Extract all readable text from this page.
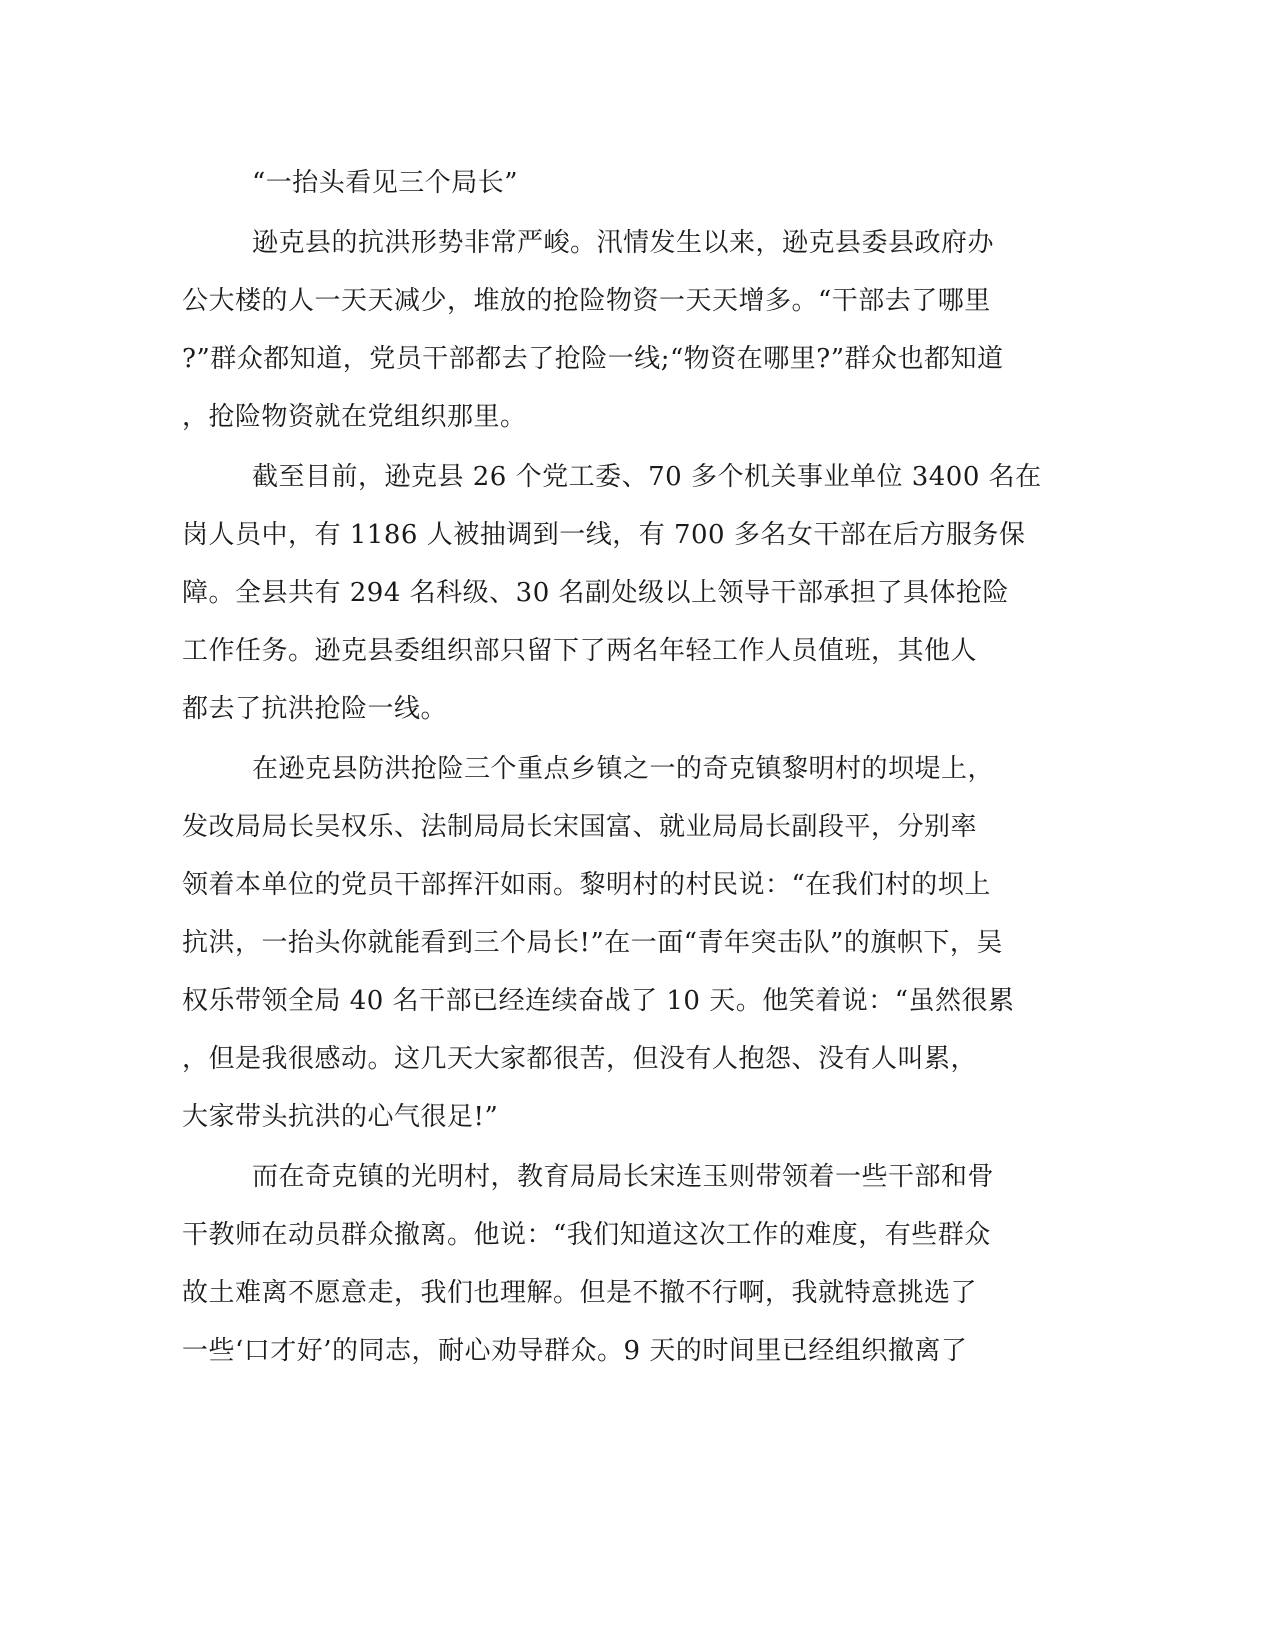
“一抬头看见三个局长”
逊克县的抗洪形势非常严峻。汛情发生以来，逊克县委县政府办
公大楼的人一天天减少，堆放的抢险物资一天天增多。“干部去了哪里
?”群众都知道，党员干部都去了抢险一线;“物资在哪里?”群众也都知道
，抢险物资就在党组织那里。
截至目前，逊克县 26 个党工委、70 多个机关事业单位 3400 名在
岗人员中，有 1186 人被抽调到一线，有 700 多名女干部在后方服务保
障。全县共有 294 名科级、30 名副处级以上领导干部承担了具体抢险
工作任务。逊克县委组织部只留下了两名年轻工作人员值班，其他人
都去了抗洪抢险一线。
在逊克县防洪抢险三个重点乡镇之一的奇克镇黎明村的坝堤上，
发改局局长吴权乐、法制局局长宋国富、就业局局长副段平，分别率
领着本单位的党员干部挥汗如雨。黎明村的村民说：“在我们村的坝上
抗洪，一抬头你就能看到三个局长!”在一面“青年突击队”的旗帜下，吴
权乐带领全局 40 名干部已经连续奋战了 10 天。他笑着说：“虽然很累
，但是我很感动。这几天大家都很苦，但没有人抱怨、没有人叫累，
大家带头抗洪的心气很足!”
而在奇克镇的光明村，教育局局长宋连玉则带领着一些干部和骨
干教师在动员群众撤离。他说：“我们知道这次工作的难度，有些群众
故土难离不愿意走，我们也理解。但是不撤不行啊，我就特意挑选了
一些‘口才好’的同志，耐心劝导群众。9 天的时间里已经组织撤离了
